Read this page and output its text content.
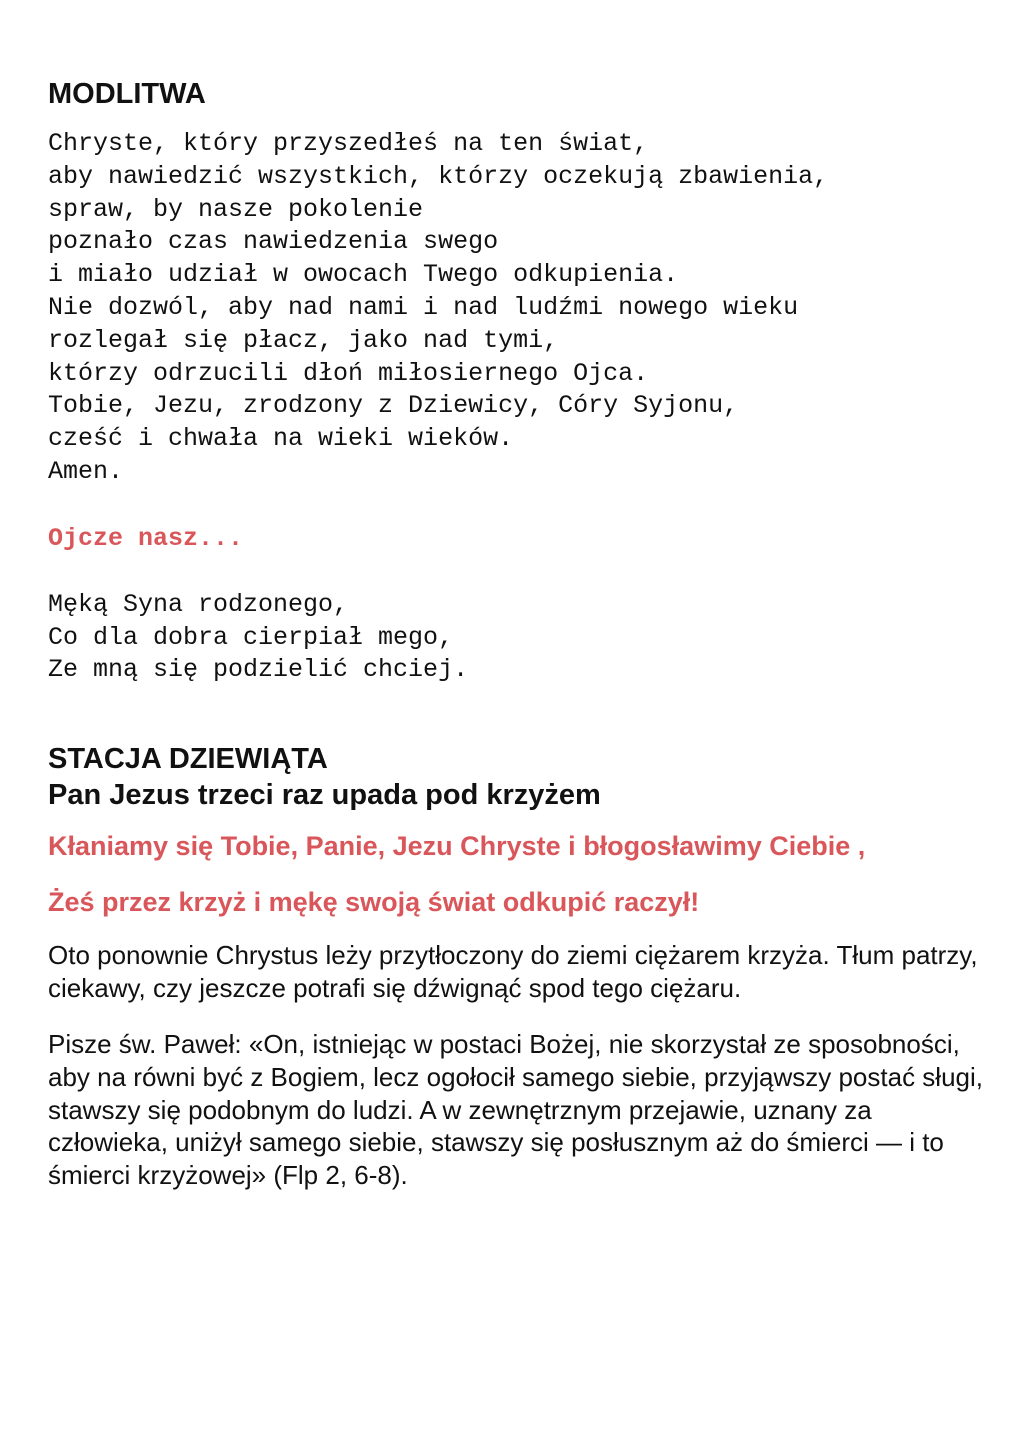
MODLITWA
Chryste, który przyszedłeś na ten świat,
aby nawiedzić wszystkich, którzy oczekują zbawienia,
spraw, by nasze pokolenie
poznało czas nawiedzenia swego
i miało udział w owocach Twego odkupienia.
Nie dozwól, aby nad nami i nad ludźmi nowego wieku
rozlegał się płacz, jako nad tymi,
którzy odrzucili dłoń miłosiernego Ojca.
Tobie, Jezu, zrodzony z Dziewicy, Córy Syjonu,
cześć i chwała na wieki wieków.
Amen.

Ojcze nasz...

Męką Syna rodzonego,
Co dla dobra cierpiał mego,
Ze mną się podzielić chciej.
STACJA DZIEWIĄTA
Pan Jezus trzeci raz upada pod krzyżem

Kłaniamy się Tobie, Panie, Jezu Chryste i błogosławimy Ciebie ,

Żeś przez krzyż i mękę swoją świat odkupić raczył!

Oto ponownie Chrystus leży przytłoczony do ziemi ciężarem krzyża. Tłum patrzy, ciekawy, czy jeszcze potrafi się dźwignąć spod tego ciężaru.

Pisze św. Paweł: «On, istniejąc w postaci Bożej, nie skorzystał ze sposobności, aby na równi być z Bogiem, lecz ogołocił samego siebie, przyjąwszy postać sługi, stawszy się podobnym do ludzi. A w zewnętrznym przejawie, uznany za człowieka, uniżył samego siebie, stawszy się posłusznym aż do śmierci — i to śmierci krzyżowej» (Flp 2, 6-8).
